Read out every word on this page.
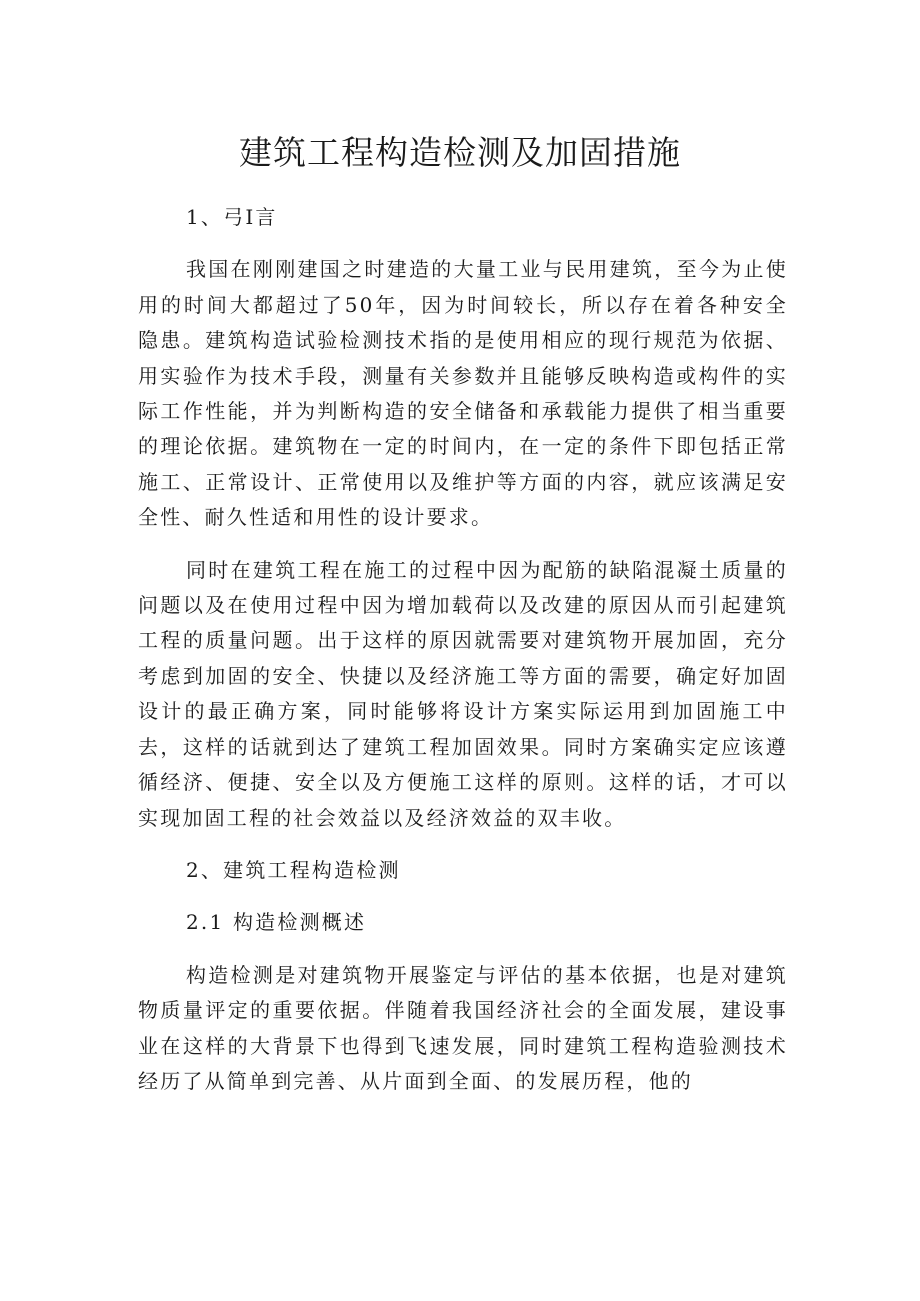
建筑工程构造检测及加固措施

1、弓I言

我国在刚刚建国之时建造的大量工业与民用建筑，至今为止使用的时间大都超过了50年，因为时间较长，所以存在着各种安全隐患。建筑构造试验检测技术指的是使用相应的现行规范为依据、用实验作为技术手段，测量有关参数并且能够反映构造或构件的实际工作性能，并为判断构造的安全储备和承载能力提供了相当重要的理论依据。建筑物在一定的时间内，在一定的条件下即包括正常施工、正常设计、正常使用以及维护等方面的内容，就应该满足安全性、耐久性适和用性的设计要求。

同时在建筑工程在施工的过程中因为配筋的缺陷混凝土质量的问题以及在使用过程中因为增加载荷以及改建的原因从而引起建筑工程的质量问题。出于这样的原因就需要对建筑物开展加固，充分考虑到加固的安全、快捷以及经济施工等方面的需要，确定好加固设计的最正确方案，同时能够将设计方案实际运用到加固施工中去，这样的话就到达了建筑工程加固效果。同时方案确实定应该遵循经济、便捷、安全以及方便施工这样的原则。这样的话，才可以实现加固工程的社会效益以及经济效益的双丰收。

2、建筑工程构造检测

2.1 构造检测概述

构造检测是对建筑物开展鉴定与评估的基本依据，也是对建筑物质量评定的重要依据。伴随着我国经济社会的全面发展，建设事业在这样的大背景下也得到飞速发展，同时建筑工程构造验测技术经历了从简单到完善、从片面到全面、的发展历程，他的
